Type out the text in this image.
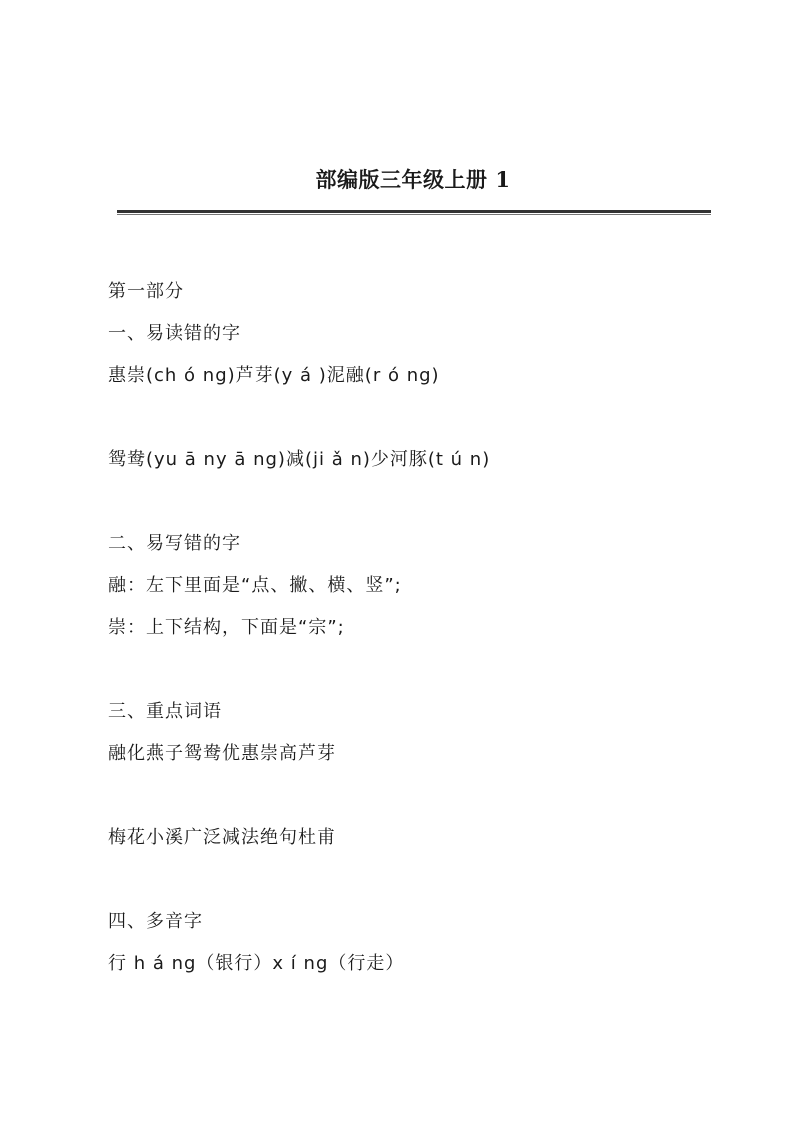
部编版三年级上册 1
第一部分
一、易读错的字
惠崇(ch ó ng)芦芽(y á )泥融(r ó ng)
鸳鸯(yu ā ny ā ng)减(ji ǎ n)少河豚(t ú n)
二、易写错的字
融：左下里面是“点、撇、横、竖”;
崇：上下结构，下面是“宗”;
三、重点词语
融化燕子鸳鸯优惠崇高芦芽
梅花小溪广泛减法绝句杜甫
四、多音字
行 h á ng（银行）x í ng（行走）
